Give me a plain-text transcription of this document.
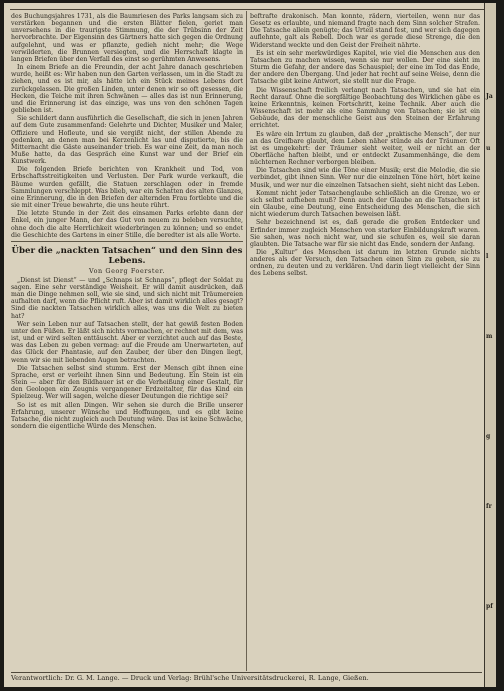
des Buchungsjahres 1731, als die Baumriesen des Parks langsam sich zu verstärken begannen und die ersten Blätter fielen, geriet man unversehens in die traurigste Stimmung, die der Trübsinn der Zeit hervorbrachte. Der Eigensinn des Gärtners hatte sich gegen die Ordnung aufgelehnt, und was er pflanzte, gedieh nicht mehr; die Wege verwilderten, die Brunnen versiegten, und die Herrschaft klagte in langen Briefen über den Verfall des einst so gerühmten Anwesens.

In einem Briefe an die Freundin, der acht Jahre danach geschrieben wurde, heißt es: Wir haben nun den Garten verlassen, um in die Stadt zu ziehen, und es ist mir, als hätte ich ein Stück meines Lebens dort zurückgelassen. Die großen Linden, unter denen wir so oft gesessen, die Hecken, die Teiche mit ihren Schwänen — alles das ist nun Erinnerung, und die Erinnerung ist das einzige, was uns von den schönen Tagen geblieben ist.

Sie schildert dann ausführlich die Gesellschaft, die sich in jenen Jahren auf dem Gute zusammenfand: Gelehrte und Dichter, Musiker und Maler, Offiziere und Hofleute, und sie vergißt nicht, der stillen Abende zu gedenken, an denen man bei Kerzenlicht las und disputierte, bis die Mitternacht die Gäste auseinander trieb. Es war eine Zeit, da man noch Muße hatte, da das Gespräch eine Kunst war und der Brief ein Kunstwerk.

Die folgenden Briefe berichten von Krankheit und Tod, von Erbschaftsstreitigkeiten und Verlusten. Der Park wurde verkauft, die Bäume wurden gefällt, die Statuen zerschlagen oder in fremde Sammlungen verschleppt. Was blieb, war ein Schatten des alten Glanzes, eine Erinnerung, die in den Briefen der alternden Frau fortlebte und die sie mit einer Treue bewahrte, die uns heute rührt.

Die letzte Stunde in der Zeit des einsamen Parks erlebte dann der Enkel, ein junger Mann, der das Gut von neuem zu beleben versuchte, ohne doch die alte Herrlichkeit wiederbringen zu können; und so endet die Geschichte des Gartens in einer Stille, die beredter ist als alle Worte.

Über die „nackten Tatsachen“ und den Sinn des Lebens.
Von Georg Foerster.

„Dienst ist Dienst“ — und „Schnaps ist Schnaps“, pflegt der Soldat zu sagen. Eine sehr verständige Weisheit. Er will damit ausdrücken, daß man die Dinge nehmen soll, wie sie sind, und sich nicht mit Träumereien aufhalten darf, wenn die Pflicht ruft. Aber ist damit wirklich alles gesagt? Sind die nackten Tatsachen wirklich alles, was uns die Welt zu bieten hat?

Wer sein Leben nur auf Tatsachen stellt, der hat gewiß festen Boden unter den Füßen. Er läßt sich nichts vormachen, er rechnet mit dem, was ist, und er wird selten enttäuscht. Aber er verzichtet auch auf das Beste, was das Leben zu geben vermag: auf die Freude am Unerwarteten, auf das Glück der Phantasie, auf den Zauber, der über den Dingen liegt, wenn wir sie mit liebenden Augen betrachten.

Die Tatsachen selbst sind stumm. Erst der Mensch gibt ihnen eine Sprache, erst er verleiht ihnen Sinn und Bedeutung. Ein Stein ist ein Stein — aber für den Bildhauer ist er die Verheißung einer Gestalt, für den Geologen ein Zeugnis vergangener Erdzeitalter, für das Kind ein Spielzeug. Wer will sagen, welche dieser Deutungen die richtige sei?

So ist es mit allen Dingen. Wir sehen sie durch die Brille unserer Erfahrung, unserer Wünsche und Hoffnungen, und es gibt keine Tatsache, die nicht zugleich auch Deutung wäre. Das ist keine Schwäche, sondern die eigentliche Würde des Menschen.

beftrafte drakonisch. Man konnte, rädern, vierteilen, wenn nur das Gesetz es erlaubte, und niemand fragte nach dem Sinn solcher Strafen. Die Tatsache allein genügte; das Urteil stand fest, und wer sich dagegen auflehnte, galt als Rebell. Doch war es gerade diese Strenge, die den Widerstand weckte und den Geist der Freiheit nährte.

Es ist ein sehr merkwürdiges Kapitel, wie viel die Menschen aus den Tatsachen zu machen wissen, wenn sie nur wollen. Der eine sieht im Sturm die Gefahr, der andere das Schauspiel; der eine im Tod das Ende, der andere den Übergang. Und jeder hat recht auf seine Weise, denn die Tatsache gibt keine Antwort, sie stellt nur die Frage.

Die Wissenschaft freilich verlangt nach Tatsachen, und sie hat ein Recht darauf. Ohne die sorgfältige Beobachtung des Wirklichen gäbe es keine Erkenntnis, keinen Fortschritt, keine Technik. Aber auch die Wissenschaft ist mehr als eine Sammlung von Tatsachen; sie ist ein Gebäude, das der menschliche Geist aus den Steinen der Erfahrung errichtet.

Es wäre ein Irrtum zu glauben, daß der „praktische Mensch“, der nur an das Greifbare glaubt, dem Leben näher stünde als der Träumer. Oft ist es umgekehrt: der Träumer sieht weiter, weil er nicht an der Oberfläche haften bleibt, und er entdeckt Zusammenhänge, die dem nüchternen Rechner verborgen bleiben.

Die Tatsachen sind wie die Töne einer Musik; erst die Melodie, die sie verbindet, gibt ihnen Sinn. Wer nur die einzelnen Töne hört, hört keine Musik, und wer nur die einzelnen Tatsachen sieht, sieht nicht das Leben.

Kommt nicht jeder Tatsachenglaube schließlich an die Grenze, wo er sich selbst aufheben muß? Denn auch der Glaube an die Tatsachen ist ein Glaube, eine Deutung, eine Entscheidung des Menschen, die sich nicht wiederum durch Tatsachen beweisen läßt.

Sehr bezeichnend ist es, daß gerade die großen Entdecker und Erfinder immer zugleich Menschen von starker Einbildungskraft waren. Sie sahen, was noch nicht war, und sie schufen es, weil sie daran glaubten. Die Tatsache war für sie nicht das Ende, sondern der Anfang.

Die „Kultur“ des Menschen ist darum im letzten Grunde nichts anderes als der Versuch, den Tatsachen einen Sinn zu geben, sie zu ordnen, zu deuten und zu verklären. Und darin liegt vielleicht der Sinn des Lebens selbst.

Verantwortlich: Dr. G. M. Lange. — Druck und Verlag: Brühl'sche Universitätsdruckerei, R. Lange, Gießen.
Ja
u
l
m
g
fr
pf
